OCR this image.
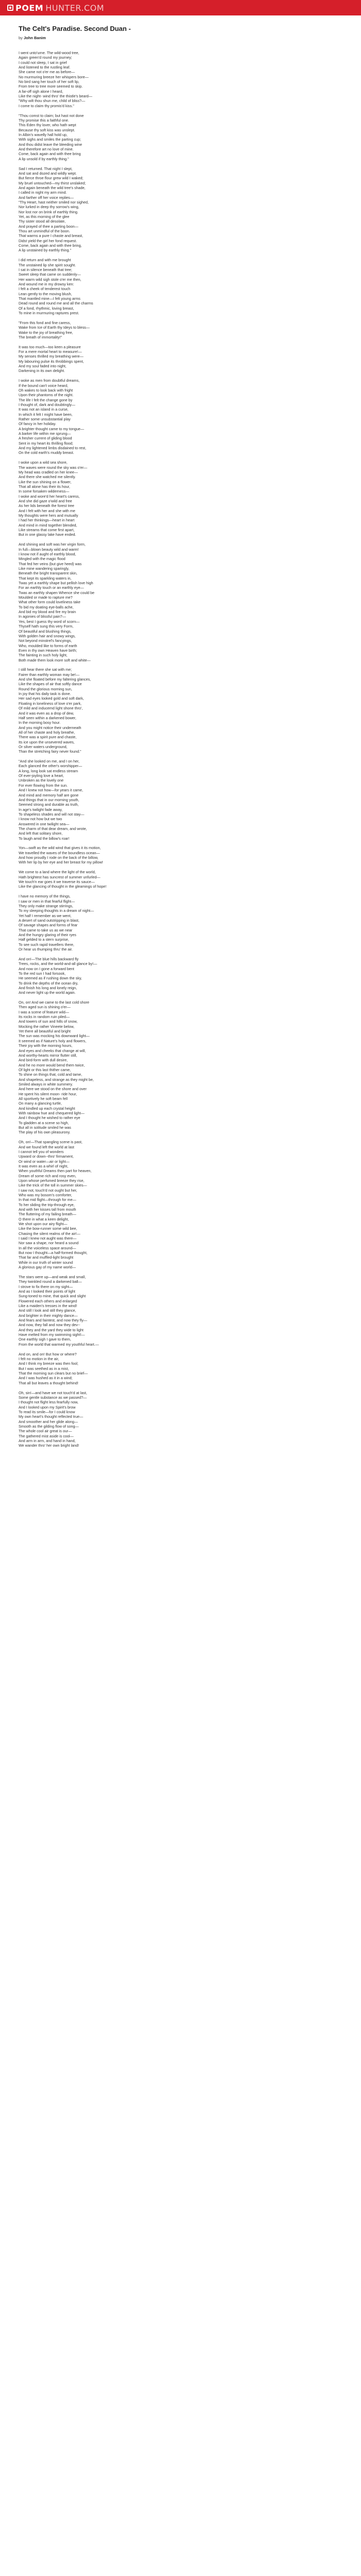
POEM HUNTER.COM
The Celt's Paradise. Second Duan -
by John Banim
I went unto'urne. The wild-wood tree,
Again green'd round my journey;
I could not sleep, I sat in grief
And listened to the rustling leaf.
She came not o'er me as before—
No murmuring breeze her whispers bore—
No bird sang her touch of her soft lip,
From tree to tree more seemed to skip.
A far-off sigh alone I heard,
Like the night- wind thro' the thistle's beard—
"Why wilt thou shun me, child of bliss?—
I come to claim thy promis'd kiss."
"Thou comst to claim; but hast not done
Thy promise this a faithful one.
This Eden thy lover, who hath wept
Because thy soft kiss was unslept.
In Albin's wavelly hall hold up,
With sighs and smiles the parting cup;
And thou didst leave the bleeding wine
And therefore art no love of mine.
Come, back again and with thee bring
A lip unsold if by earthly thing."
Sad I returned. That night I slept,
And sat and dozed and wildly wept.
But fierce throe flour grew wild I waked;
My bruel untouched—my thirst unslaked;
And again beneath the wild tree's shade,
I called in night my arm mind.
And farther off her voice replies—
"Thy Heart, hast neither smiled nor sighed,
Nor lurked in deep thy sorrow's wing,
Nor lost nor on brink of earthly thing.
Yet, as this morning of the glee
Thy sister stood all desolate,
And prayed of thee a parting boon—
Thou art unmindful of the boon.
That warms a pure I chaste and breast,
Didst yield the girl her fond request.
Come, back again and with thee bring,
A lip unstained by earthly thing."
I did return and with me brought
The unstained lip she spirit sought.
I sat in silence beneath that tree;
Sweet sleep that came on suddenly—
Her warm wild sigh stole o'er me then,
And wound me in my drowsy ken:
I felt a cheek of tenderest touch
Lean gently to the moving blush,
That mantled mine—I felt young arms
Dead round and round me and all the charms
Of a fond, rhythmic, loving breast,
To mine in murmuring raptures prest.
"From this fond and fine caress,
Wake from Ice of Earth thy Ideys to bless—
Wake to the joy of breathing free,
The breath of immortality!"
It was too much—too keen a pleasure
For a mere mortal heart to measure!—
My senses thrilled my breathing were—
My labouring pulse its throbbings spent,
And my soul faded into night,
Darkening in its own delight.
I woke as men from doubtful dreams,
If the bound can't voice heard,
Oh wakes to look back with fright
Upon their phantoms of the night.
The life I felt the change gone by
I thought of, dark and doubtingly—
It was not an island in a curse,
In which it felt I might have been,
Rather some unsubstantial play
Of fancy in her holiday.
A brighter thought came to my tongue—
A barker life within me sprung—
A fresher current of gliding blood
Sent in my heart its thrilling flood;
And my lightened limbs disdained to rest,
On the cold earth's muddy breast.
I woke upon a wild sea shore,
The waves were round the sky was o'er—
My head was cradled on her knee—
And there she watched me silently.
Like the sun shining on a flower,
That all alone has their its hour,
In some forsaken wilderness—
I woke and wore'd her heart's caress,
And she did gaze o'wild and free
As her lids beneath the forest tree
And I felt with her and she with me
My thoughts were hers and mutually
I had her thinkings—heart in heart
And mind in mind together blended,
Like streams that come first apart,
But in one glassy lake have ended.
And shining and soft was her virgin form,
In full—blown beauty wild and warm!
I know not if aught of earthly blood,
Mingled with the magic flood
That fed her veins (but give heed) was
Like mine wandering sparingly,
Beneath the bright transparent skin,
That kept its sparkling waters in,
Twas yet a earthly shape but pellish love high
For an earthly touch or an earthly eye—
Twas an earthly shapen Whence she could be
Moulded or made to rapture me?
What other form could loveliness take
To bid my doating eye-balls ache,
And bid my blood and fire my brain
In agonies of blissful pain?—
Yes, best I guess thy word of scorn—
Thyself hath sung this very Form,
Of beautiful and blushing things,
With golden hair and snowy wings,
Not beyond minstrel's fancyings,
Who, moulded like to forms of earth
Even in thy own Heaven have birth;
The fainting in such holy light,
Both made them look more soft and white—
I still hear there she sat with me;
Fairer than earthly woman may be!—
And she floated before my faltering glances,
Like the shapes of air that softly dance
Round the glorious morning sun,
In joy that his daily task is done.
Her sad eyes looked gold and soft dark,
Floating in loneliness of love o'er park,
Of mild and inducemd light shone thro',
And it was even as a drop of dew,
Half seen within a darkened bower,
In the morning bosy hour.
And you might notice their underneath
All of her chaste and holy breathe,
There was a spirit pure and chaste,
Its ice upon the unsevered waves,
Or silver waters underground,
Than the stretching fairy never found."
"And she looked on me, and I on her,
Each glanced the other's worshipper—
A long, long look sat endless stream
Of ever-joyling love a heart,
Unbroken as the lovely one
For ever flowing from the sun.
And I knew not how—for years it came,
And mind and memory half are gone
And things that in our morning youth,
Seemed strong and durable as truth,
In age's twilight fade away,
To shapeless shades and will not stay—
I know not how but we two
Answered in one twilight sea—
The charm of that dear dream, and wrote,
And left that solitary shore,
To laugh amid the billow's roar!
Yon—swift as the wild wind that gives it its motion,
We travelled the waves of the boundless ocean—
And how proudly I rode on the back of the billow,
With her lip by her eye and her breast for my pillow!
We come to a land where the light of the world,
Hath brightest has suncrest of summer unfurled—
We touch'n ear goes it we traverse its sauce—
Like the glancing of thought in the gleamings of hope!
I have no memory of the things,
I saw or men in that fearful flight—
They only make strange stirrings,
To my sleeping thoughts in a dream of night—
Yet half I remember as we went,
A desert of sand outstripping in blast,
Of savage shapes and forms of fear
That came to take us as we near
And the hungry glaring of their ryes
Half gelded to a stern surprise,
To see such rapid travellers there,
Or hear us thumping thru' the air.
And on!—The blue hills backward fly
Trees, rocks, and the world-and-all glance by!—
And now on I gone a forward bent
To the red sun I had forsook,
He seemed as if rushing down the sky,
To drink the depths of the ocean dry,
And finish his long and lonely reign,
And never light up the world again.
On, on! And we came to the last cold shore
Then aged sun is shining o'er—
I was a scene of feature wild—
Its rocks in random ruin piled—
And towers of sun and hills of snow,
Mocking the rather Vineete below,
Yet there all beautiful and bright
The sun was mocking his downward light—
It seemed as if Nature's holy and flowers,
Their joy with the morning hours,
And eyes and cheeks that change at will,
And worthy-hearts mirror flutter still,
And bird-form with dull desire,
And he no more would bend them twice,
Of light or this last thither came,
To shine on things that, cold and tame,
And shapeless, and strange as they might be,
Smiled always in white summery.
And here we stood on the shore and over
He spent his silent moon- ride hour,
All sportively he soft beam fell
On many a glancing turtle,
And kindled up each crystal height
With rainbow hue and chequered light—
And I thought he wished to rather eye
To gladden at a scene so high,
But all in solitude smiled he was
The play of his own pleasurony.
Oh, on!—That spangling scene is past,
And we found left the world at last
I cannot tell you of wonders
Upward or down--thro' firmament,
Or wind or water—air or light—
It was even as a whirl of night,
When youthful Dreams then part for heaven,
Dream of some rich and rosy even,
Upon whose perfumed breeze they rise,
Like the trick of the toll in summer skies—
I saw not, touch'd not ought but her,
Who was my bosom's comforter,
In that mid flight—through for me—
To her sliding the trip-through eye,
And with her kisses tall from mouth
The fluttering of my failing breath—
O there in what a keen delight,
We shot upon our airy flight—
Like the bow-runner some wild bee,
Chasing the silent realms of the air!—
I said I knew not aught was there—
Nor saw a shape, nor heard a sound
In all the voiceless space around—
But now I thought—a half-formed thought,
That far and muffled-light brought
While in our truth of winter sound
A glorious gay of my name world—
The stars were up—and weak and small,
They twinkled round a darkened ball—
I strove to fix there on my sight—
And as I looked their points of light
Sung-toned to mine, that quick and slight
Flowered each others and enlarged
Like a maiden's tresses in the wind!
And still I look and still they glance,
And brighter in their mighty dance—
And fears and faintest, and now they fly—
And now, they fall and now they dev--
And they and the yard they wide to light
Have melted from my swimming sight!—
One earthly sigh I gave to them,
From the world that warmed my youthful heart.—
And on, and on! But how or where?
I felt no motion in the air,
And I think my breeze was then fool;
But I was seethed as in a mist,
That the morning sun clears but no brief—
And I was hushed as it in a wind;
That all but leaves a thought behind!
Oh, sin!—and have we not touch'd at last,
Some gentle substance as we passed?—
I thought not flight less fearfully now,
And I looked upon my Spirit's brow
To read its smile—for I could know
My own heart's thought reflected true—
And smoother and her glide along—
Smooth as the gilding flow of song—
The whole cool air great is our—
The gathered mist aside is cool—
And arm in arm, and hand in hand,
We wander thro' her own bright land!
